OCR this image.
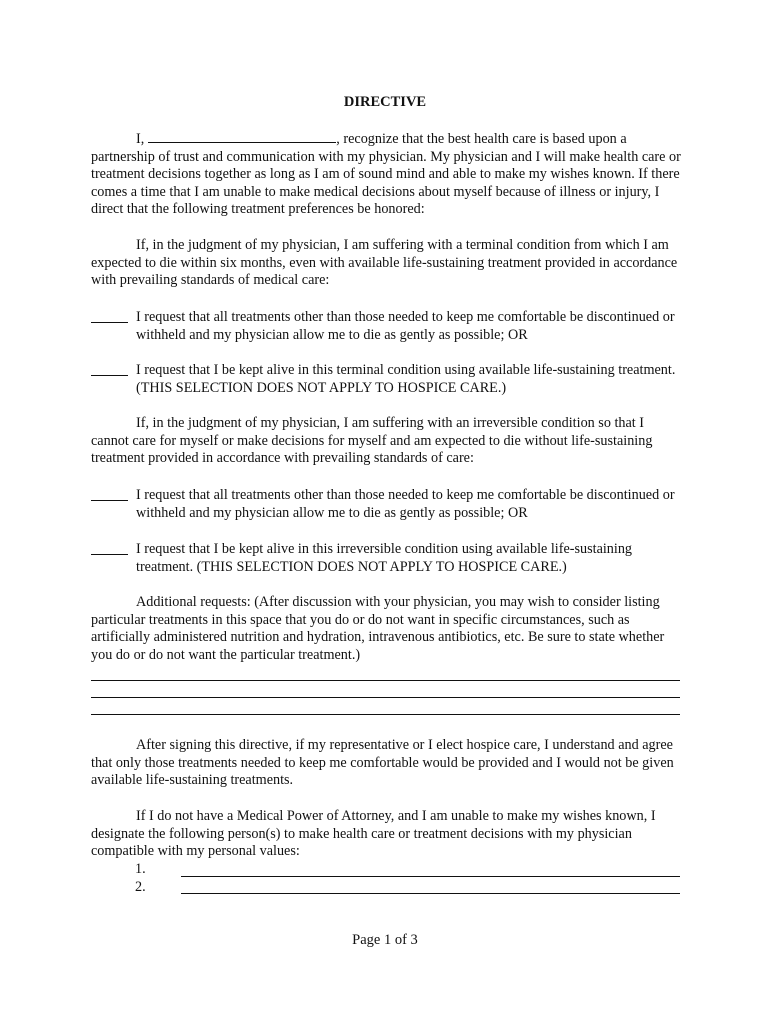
DIRECTIVE
I,	, recognize that the best health care is based upon a partnership of trust and communication with my physician. My physician and I will make health care or treatment decisions together as long as I am of sound mind and able to make my wishes known. If there comes a time that I am unable to make medical decisions about myself because of illness or injury, I direct that the following treatment preferences be honored:
If, in the judgment of my physician, I am suffering with a terminal condition from which I am expected to die within six months, even with available life-sustaining treatment provided in accordance with prevailing standards of medical care:
I request that all treatments other than those needed to keep me comfortable be discontinued or withheld and my physician allow me to die as gently as possible; OR
I request that I be kept alive in this terminal condition using available life-sustaining treatment. (THIS SELECTION DOES NOT APPLY TO HOSPICE CARE.)
If, in the judgment of my physician, I am suffering with an irreversible condition so that I cannot care for myself or make decisions for myself and am expected to die without life-sustaining treatment provided in accordance with prevailing standards of care:
I request that all treatments other than those needed to keep me comfortable be discontinued or withheld and my physician allow me to die as gently as possible; OR
I request that I be kept alive in this irreversible condition using available life-sustaining treatment. (THIS SELECTION DOES NOT APPLY TO HOSPICE CARE.)
Additional requests: (After discussion with your physician, you may wish to consider listing particular treatments in this space that you do or do not want in specific circumstances, such as artificially administered nutrition and hydration, intravenous antibiotics, etc. Be sure to state whether you do or do not want the particular treatment.)
After signing this directive, if my representative or I elect hospice care, I understand and agree that only those treatments needed to keep me comfortable would be provided and I would not be given available life-sustaining treatments.
If I do not have a Medical Power of Attorney, and I am unable to make my wishes known, I designate the following person(s) to make health care or treatment decisions with my physician compatible with my personal values:
1.
2.
Page 1 of 3
